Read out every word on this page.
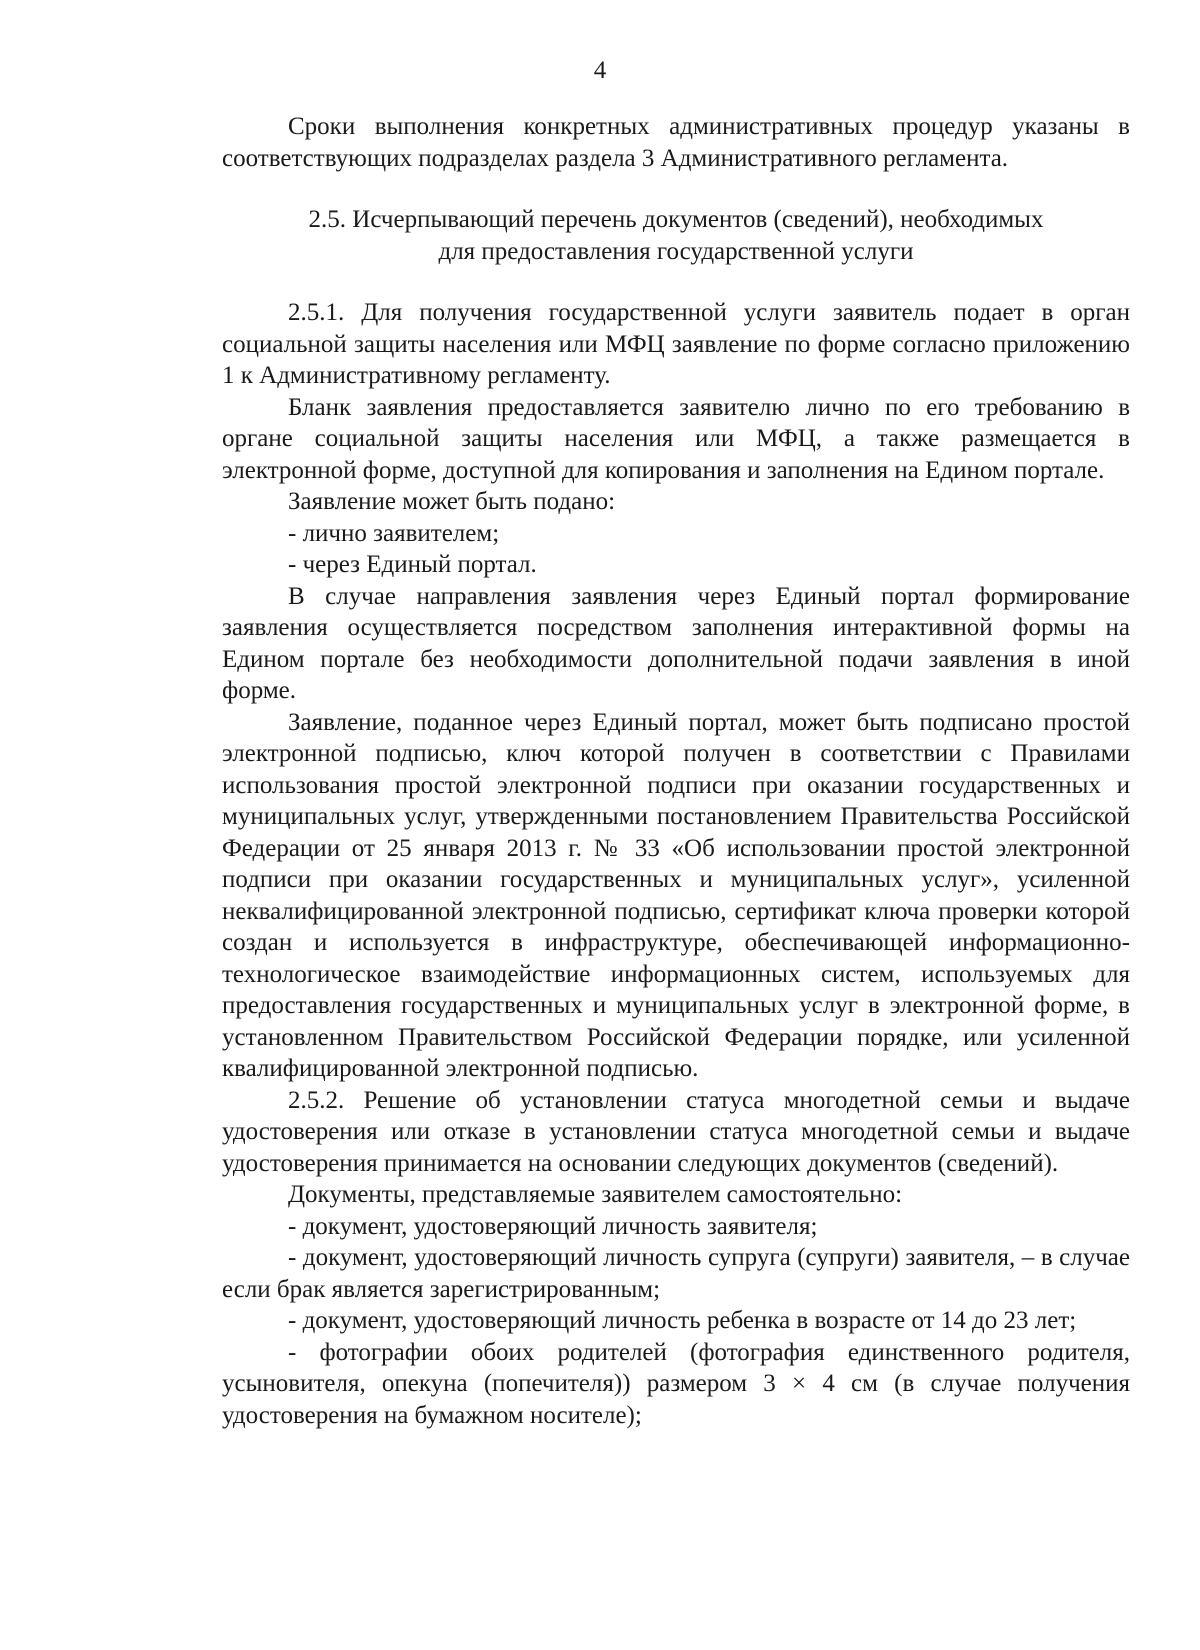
4

Сроки выполнения конкретных административных процедур указаны в соответствующих подразделах раздела 3 Административного регламента.

2.5. Исчерпывающий перечень документов (сведений), необходимых
для предоставления государственной услуги

2.5.1. Для получения государственной услуги заявитель подает в орган социальной защиты населения или МФЦ заявление по форме согласно приложению 1 к Административному регламенту.

Бланк заявления предоставляется заявителю лично по его требованию в органе социальной защиты населения или МФЦ, а также размещается в электронной форме, доступной для копирования и заполнения на Едином портале.

Заявление может быть подано:

- лично заявителем;

- через Единый портал.

В случае направления заявления через Единый портал формирование заявления осуществляется посредством заполнения интерактивной формы на Едином портале без необходимости дополнительной подачи заявления в иной форме.

Заявление, поданное через Единый портал, может быть подписано простой электронной подписью, ключ которой получен в соответствии с Правилами использования простой электронной подписи при оказании государственных и муниципальных услуг, утвержденными постановлением Правительства Российской Федерации от 25 января 2013 г. № 33 «Об использовании простой электронной подписи при оказании государственных и муниципальных услуг», усиленной неквалифицированной электронной подписью, сертификат ключа проверки которой создан и используется в инфраструктуре, обеспечивающей информационно-технологическое взаимодействие информационных систем, используемых для предоставления государственных и муниципальных услуг в электронной форме, в установленном Правительством Российской Федерации порядке, или усиленной квалифицированной электронной подписью.

2.5.2. Решение об установлении статуса многодетной семьи и выдаче удостоверения или отказе в установлении статуса многодетной семьи и выдаче удостоверения принимается на основании следующих документов (сведений).

Документы, представляемые заявителем самостоятельно:

- документ, удостоверяющий личность заявителя;

- документ, удостоверяющий личность супруга (супруги) заявителя, – в случае если брак является зарегистрированным;

- документ, удостоверяющий личность ребенка в возрасте от 14 до 23 лет;

- фотографии обоих родителей (фотография единственного родителя, усыновителя, опекуна (попечителя)) размером 3 × 4 см (в случае получения удостоверения на бумажном носителе);
